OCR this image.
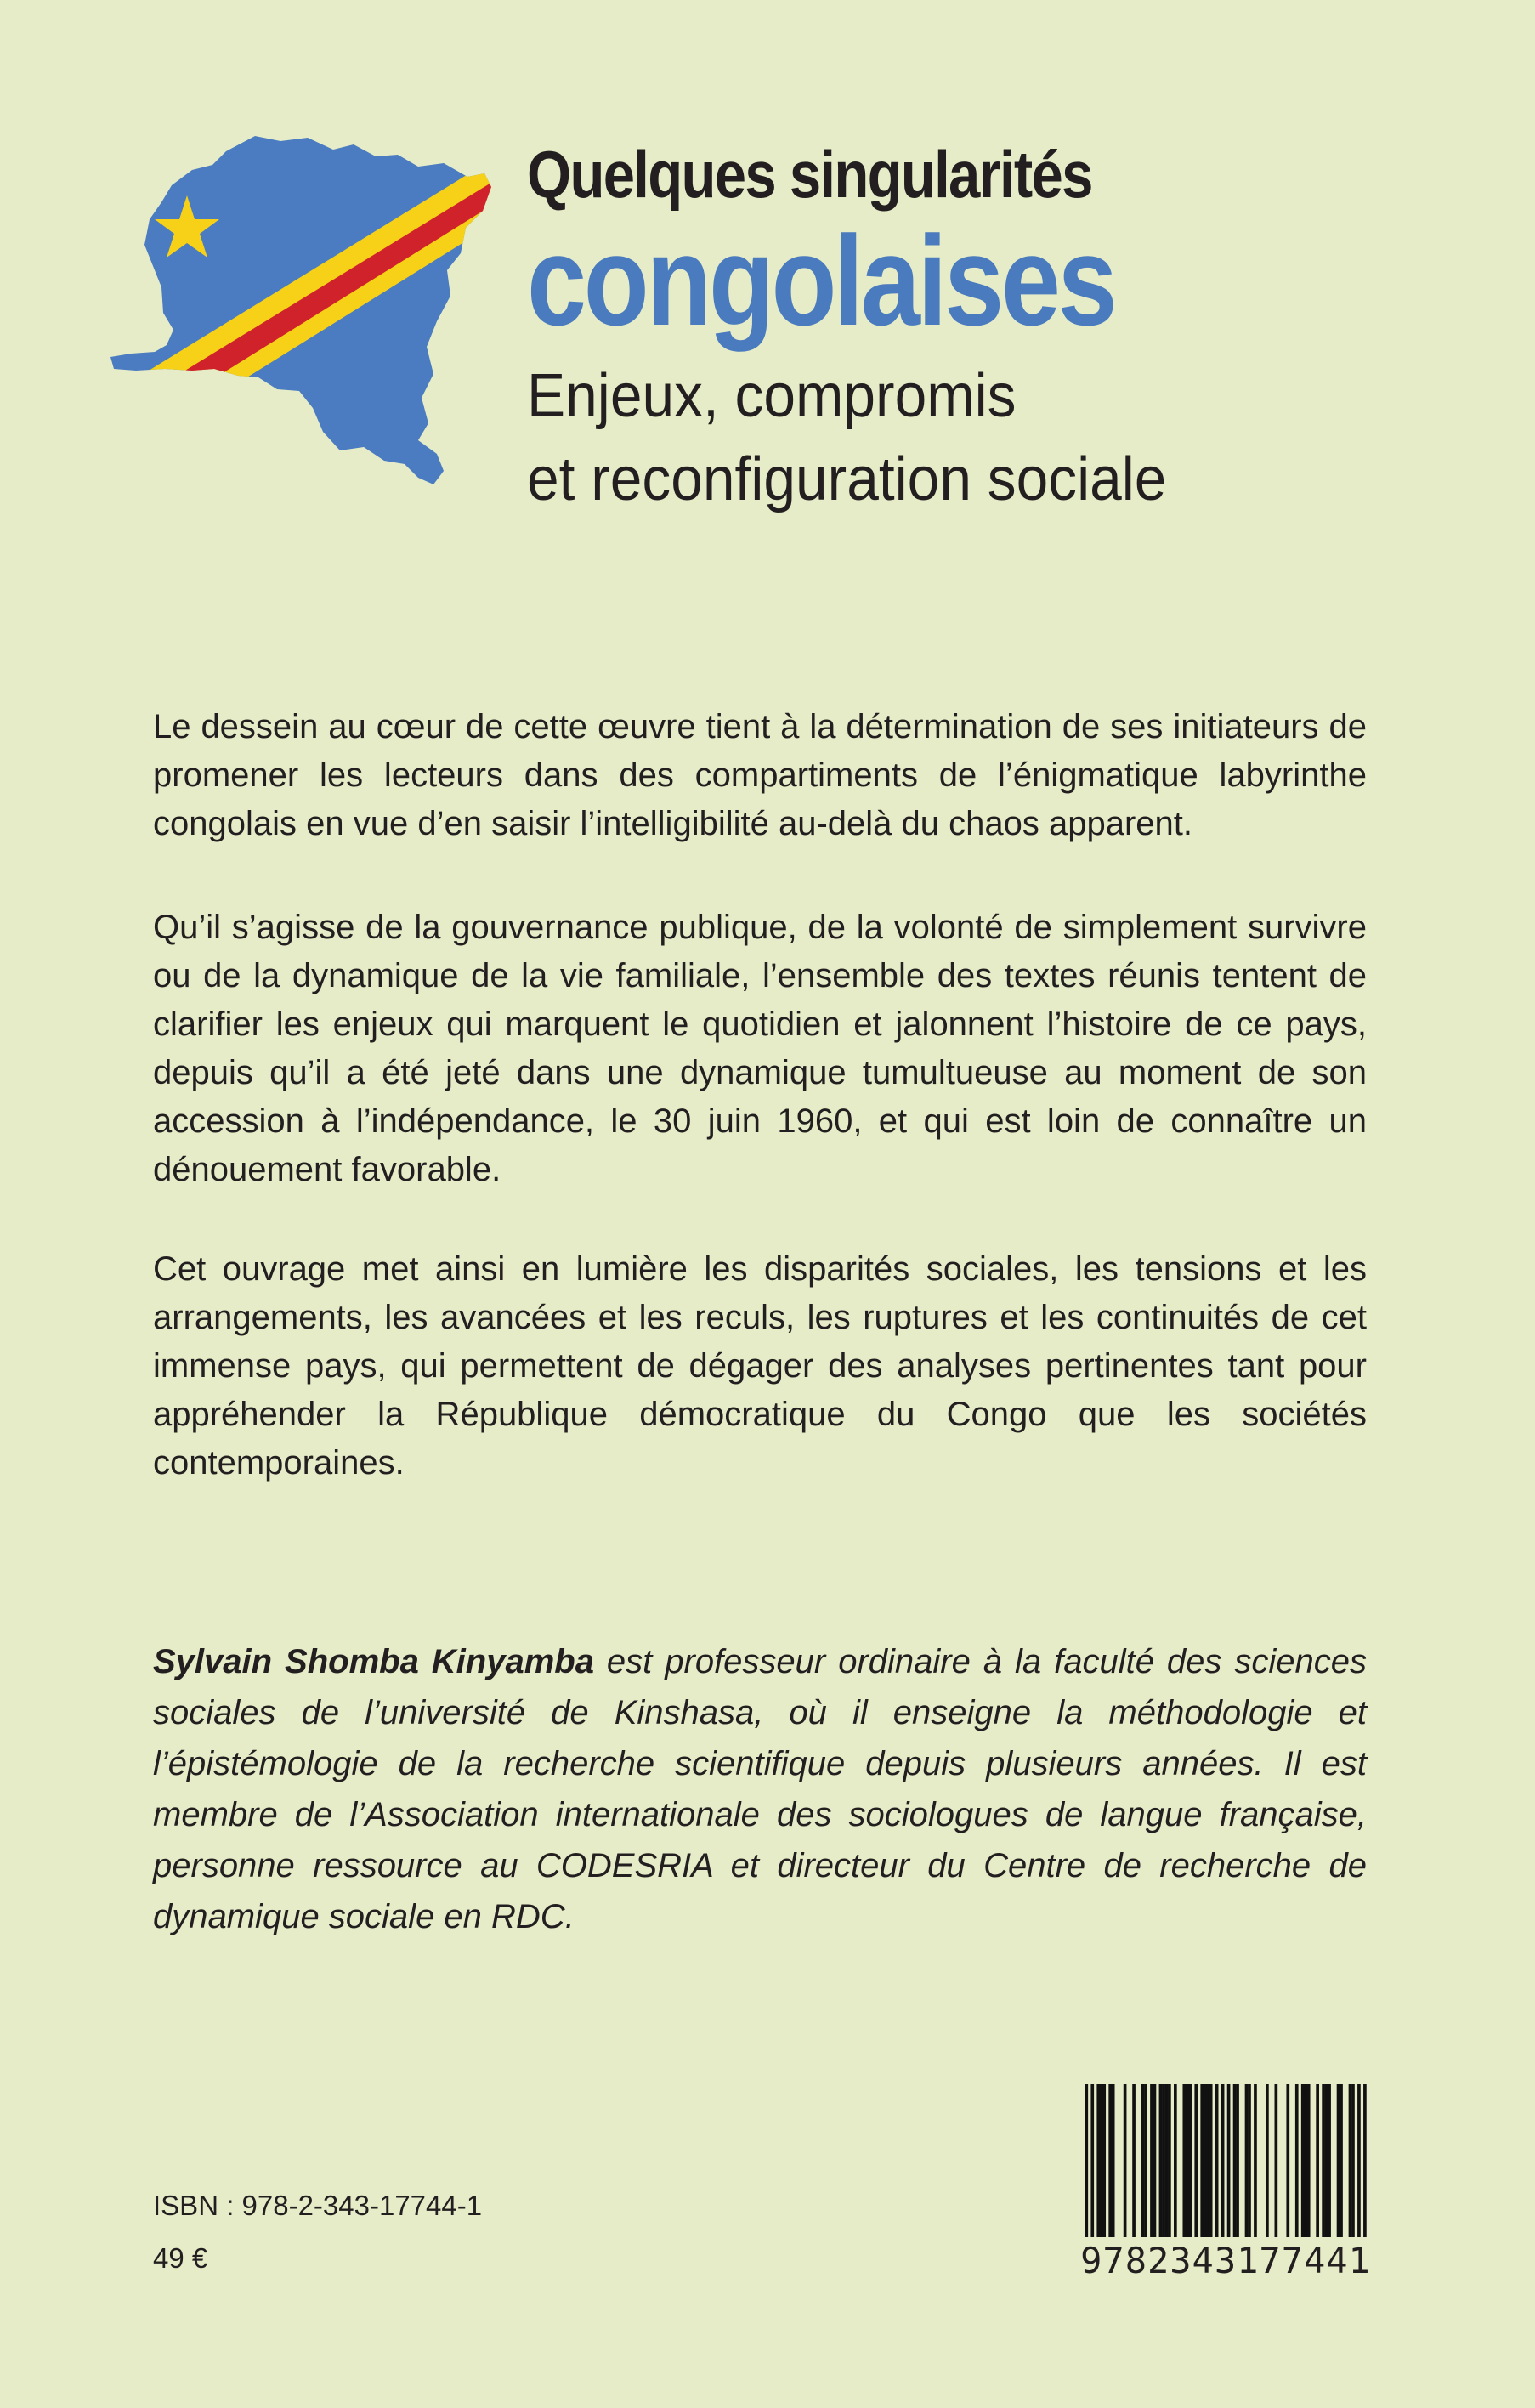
Quelques singularités
congolaises
Enjeux, compromis
et reconfiguration sociale

Le dessein au cœur de cette œuvre tient à la détermination de ses initiateurs de promener les lecteurs dans des compartiments de l’énigmatique labyrinthe congolais en vue d’en saisir l’intelligibilité au-delà du chaos apparent.

Qu’il s’agisse de la gouvernance publique, de la volonté de simplement survivre ou de la dynamique de la vie familiale, l’ensemble des textes réunis tentent de clarifier les enjeux qui marquent le quotidien et jalonnent l’histoire de ce pays, depuis qu’il a été jeté dans une dynamique tumultueuse au moment de son accession à l’indépendance, le 30 juin 1960, et qui est loin de connaître un dénouement favorable.

Cet ouvrage met ainsi en lumière les disparités sociales, les tensions et les arrangements, les avancées et les reculs, les ruptures et les continuités de cet immense pays, qui permettent de dégager des analyses pertinentes tant pour appréhender la République démocratique du Congo que les sociétés contemporaines.

Sylvain Shomba Kinyamba est professeur ordinaire à la faculté des sciences sociales de l’université de Kinshasa, où il enseigne la méthodologie et l’épistémologie de la recherche scientifique depuis plusieurs années. Il est membre de l’Association internationale des sociologues de langue française, personne ressource au CODESRIA et directeur du Centre de recherche de dynamique sociale en RDC.

ISBN : 978-2-343-17744-1
49 €	9782343177441
